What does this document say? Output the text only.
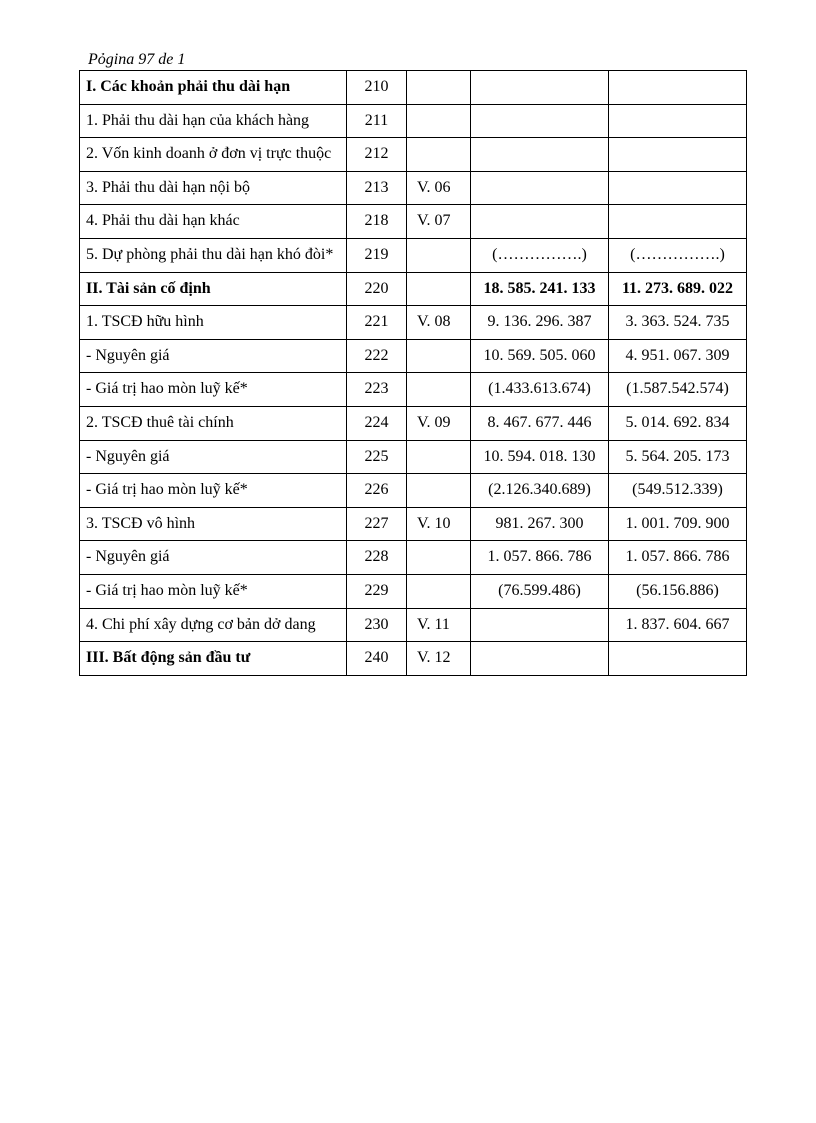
Pỏgina 97 de 1
I. Các khoản phải thu dài hạn	210			
1. Phải thu dài hạn của khách hàng	211			
2. Vốn kinh doanh ở đơn vị trực thuộc	212			
3. Phải thu dài hạn nội bộ	213	V. 06		
4. Phải thu dài hạn khác	218	V. 07		
5. Dự phòng phải thu dài hạn khó đòi*	219		(…………….)	(…………….)
II. Tài sản cố định	220		18. 585. 241. 133	11. 273. 689. 022
1. TSCĐ hữu hình	221	V. 08	9. 136. 296. 387	3. 363. 524. 735
- Nguyên giá	222		10. 569. 505. 060	4. 951. 067. 309
- Giá trị hao mòn luỹ kế*	223		(1.433.613.674)	(1.587.542.574)
2. TSCĐ thuê tài chính	224	V. 09	8. 467. 677. 446	5. 014. 692. 834
- Nguyên giá	225		10. 594. 018. 130	5. 564. 205. 173
- Giá trị hao mòn luỹ kế*	226		(2.126.340.689)	(549.512.339)
3. TSCĐ vô hình	227	V. 10	981. 267. 300	1. 001. 709. 900
- Nguyên giá	228		1. 057. 866. 786	1. 057. 866. 786
- Giá trị hao mòn luỹ kế*	229		(76.599.486)	(56.156.886)
4. Chi phí xây dựng cơ bản dở dang	230	V. 11		1. 837. 604. 667
III. Bất động sản đầu tư	240	V. 12		
